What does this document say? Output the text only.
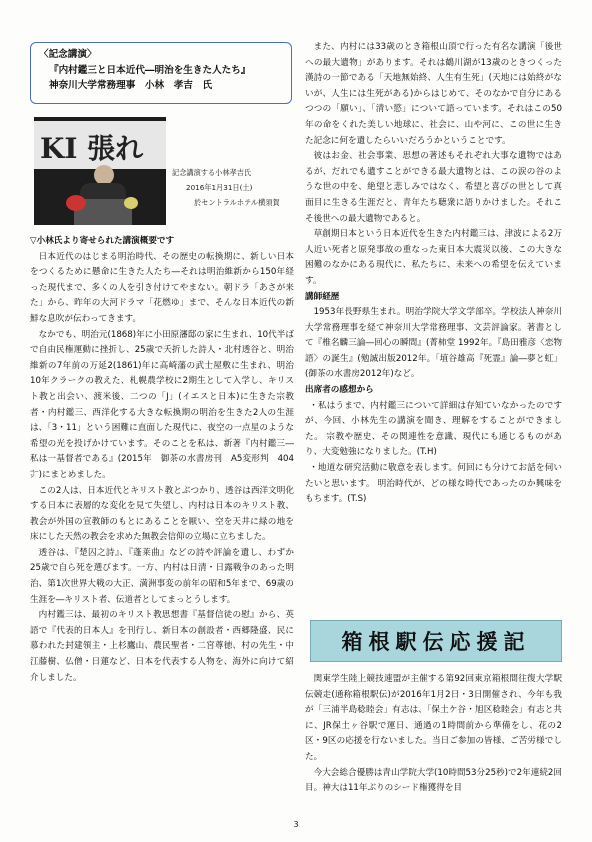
〈記念講演〉
『内村鑑三と日本近代―明治を生きた人たち』
神奈川大学常務理事　小林　孝吉　氏
KI 張れ
記念講演する小林孝吉氏
2016年1月31日(土)
於セントラルホテル横須賀
▽小林氏より寄せられた講演概要です

日本近代のはじまる明治時代、その歴史の転換期に、新しい日本をつくるために懸命に生きた人たち―それは明治維新から150年経った現代まで、多くの人を引き付けてやまない。朝ドラ「あさが来た」から、昨年の大河ドラマ「花燃ゆ」まで、そんな日本近代の新鮮な息吹が伝わってきます。

なかでも、明治元(1868)年に小田原瀋邸の家に生まれ、10代半ばで自由民権運動に挫折し、25歳で夭折した詩人・北村透谷と、明治維新の7年前の万延2(1861)年に高崎藩の武士屋敷に生まれ、明治10年クラークの教えた、札幌農学校に2期生として入学し、キリスト教と出会い、渡米後、二つの「J」(イエスと日本)に生きた宗教者・内村鑑三、西洋化する大きな転換期の明治を生きた2人の生涯は、「3・11」という困難に直面した現代に、夜空の一点星のような希望の光を投げかけています。そのことを私は、新著『内村鑑三―私は一基督者である』(2015年　御茶の水書房刊　A5変形判　404㌻)にまとめました。

この2人は、日本近代とキリスト教とぶつかり、透谷は西洋文明化する日本に表層的な変化を見て失望し、内村は日本のキリスト教、教会が外国の宣教師のもとにあることを厭い、空を天井に緑の地を床にした天然の教会を求めた無教会信仰の立場に立ちました。

透谷は、『楚囚之詩』、『蓬莱曲』などの詩や評論を遺し、わずか25歳で自ら死を選びます。一方、内村は日清・日露戦争のあった明治、第1次世界大戦の大正、満洲事変の前年の昭和5年まで、69歳の生涯を―キリスト者、伝道者としてまっとうします。

内村鑑三は、最初のキリスト教思想書『基督信徒の慰』から、英語で『代表的日本人』を刊行し、新日本の創設者・西郷隆盛、民に慕われた封建領主・上杉鷹山、農民聖者・二宮尊徳、村の先生・中江藤樹、仏僧・日蓮など、日本を代表する人物を、海外に向けて紹介しました。

また、内村には33歳のとき箱根山頂で行った有名な講演「後世への最大遺物」があります。それは鶴川湖が13歳のときつくった漢詩の一節である「天地無始終、人生有生死」(天地には始終がないが、人生には生死がある)からはじめて、そのなかで自分にあるつつの「願い」、「清い慾」について語っています。それはこの50年の命をくれた美しい地球に、社会に、山や河に、この世に生きた記念に何を遺したらいいだろうかということです。

彼はお金、社会事業、思想の著述もそれぞれ大事な遺物ではあるが、だれでも遺すことができる最大遺物とは、この涙の谷のような世の中を、絶望と悲しみではなく、希望と喜びの世として真面目に生きる生涯だと、青年たち聴衆に語りかけました。それこそ後世への最大遺物であると。

草創期日本という日本近代を生きた内村鑑三は、津波による2万人近い死者と原発事故の重なった東日本大震災以後、この大きな困難のなかにある現代に、私たちに、未来への希望を伝えています。

講師経歴

1953年長野県生まれ。明治学院大学文学部卒。学校法人神奈川大学常務理事を経て神奈川大学常務理事、文芸評論家。著書として『椎名麟三論―回心の瞬間』(菁柿堂 1992年。『島田雅彦〈恋物語〉の誕生』(勉誠出版2012年。「埴谷雄高『死霊』論―夢と虹」(御茶の水書房2012年)など。

出席者の感想から

・私はうまで、内村鑑三について詳細は存知ていなかったのですが、今回、小林先生の講演を聞き、理解をすることができました。 宗教や歴史、その関連性を意識、現代にも通じるものがあり、大変勉強になりました。(T.H)

・地道な研究活動に敬意を表します。何回にも分けてお話を伺いたいと思います。 明治時代が、どの様な時代であったのか興味をもちます。(T.S)

箱根駅伝応援記

関東学生陸上競技連盟が主催する第92回東京箱根間往復大学駅伝競走(通称箱根駅伝)が2016年1月2日・3日開催され、今年も我が「三浦半島稔睦会」有志は、「保土ケ谷・旭区稔睦会」有志と共に、JR保土ヶ谷駅で運日、通過の1時間前から準備をし、花の2区・9区の応援を行ないました。当日ご参加の皆様、ご苦労様でした。

今大会総合優勝は青山学院大学(10時間53分25秒)で2年連続2回目。神大は11年ぶりのシード権獲得を目

3
